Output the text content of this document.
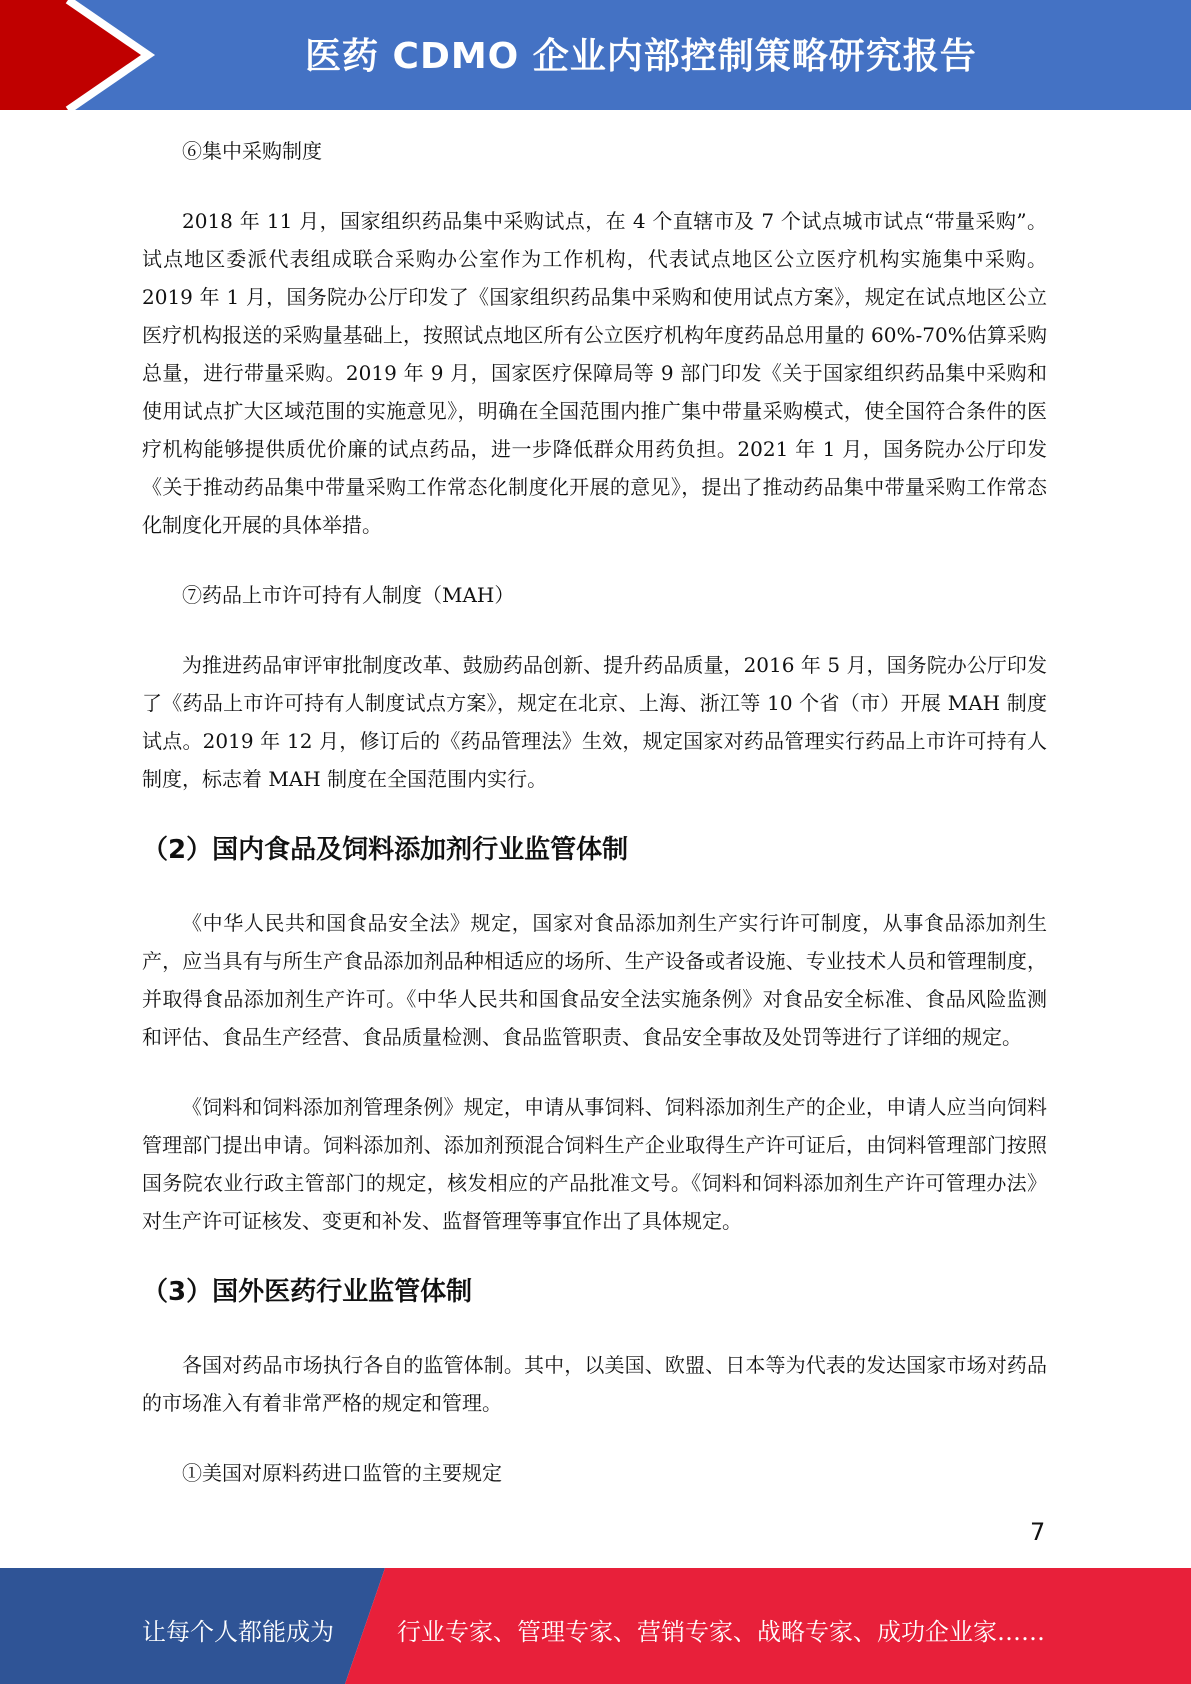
医药 CDMO 企业内部控制策略研究报告

⑥集中采购制度

2018 年 11 月，国家组织药品集中采购试点，在 4 个直辖市及 7 个试点城市试点“带量采购”。试点地区委派代表组成联合采购办公室作为工作机构，代表试点地区公立医疗机构实施集中采购。2019 年 1 月，国务院办公厅印发了《国家组织药品集中采购和使用试点方案》，规定在试点地区公立医疗机构报送的采购量基础上，按照试点地区所有公立医疗机构年度药品总用量的 60%-70%估算采购总量，进行带量采购。2019 年 9 月，国家医疗保障局等 9 部门印发《关于国家组织药品集中采购和使用试点扩大区域范围的实施意见》，明确在全国范围内推广集中带量采购模式，使全国符合条件的医疗机构能够提供质优价廉的试点药品，进一步降低群众用药负担。2021 年 1 月，国务院办公厅印发《关于推动药品集中带量采购工作常态化制度化开展的意见》，提出了推动药品集中带量采购工作常态化制度化开展的具体举措。

⑦药品上市许可持有人制度（MAH）

为推进药品审评审批制度改革、鼓励药品创新、提升药品质量，2016 年 5 月，国务院办公厅印发了《药品上市许可持有人制度试点方案》，规定在北京、上海、浙江等 10 个省（市）开展 MAH 制度试点。2019 年 12 月，修订后的《药品管理法》生效，规定国家对药品管理实行药品上市许可持有人制度，标志着 MAH 制度在全国范围内实行。

（2）国内食品及饲料添加剂行业监管体制

《中华人民共和国食品安全法》规定，国家对食品添加剂生产实行许可制度，从事食品添加剂生产，应当具有与所生产食品添加剂品种相适应的场所、生产设备或者设施、专业技术人员和管理制度，并取得食品添加剂生产许可。《中华人民共和国食品安全法实施条例》对食品安全标准、食品风险监测和评估、食品生产经营、食品质量检测、食品监管职责、食品安全事故及处罚等进行了详细的规定。

《饲料和饲料添加剂管理条例》规定，申请从事饲料、饲料添加剂生产的企业，申请人应当向饲料管理部门提出申请。饲料添加剂、添加剂预混合饲料生产企业取得生产许可证后，由饲料管理部门按照国务院农业行政主管部门的规定，核发相应的产品批准文号。《饲料和饲料添加剂生产许可管理办法》对生产许可证核发、变更和补发、监督管理等事宜作出了具体规定。

（3）国外医药行业监管体制

各国对药品市场执行各自的监管体制。其中，以美国、欧盟、日本等为代表的发达国家市场对药品的市场准入有着非常严格的规定和管理。

①美国对原料药进口监管的主要规定

7
让每个人都能成为	行业专家、管理专家、营销专家、战略专家、成功企业家……
